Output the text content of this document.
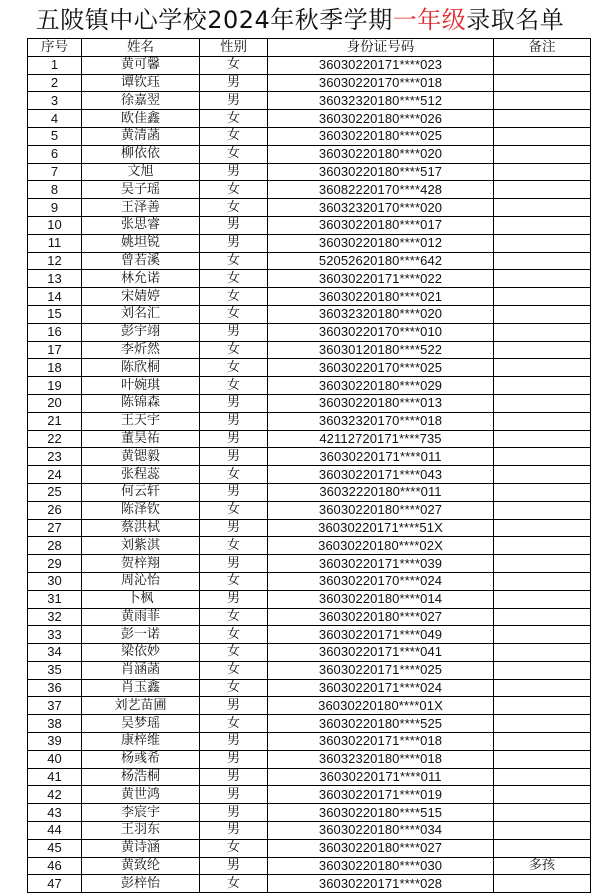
五陂镇中心学校2024年秋季学期一年级录取名单
序号	姓名	性别	身份证号码	备注
1	黄可馨	女	36030220171****023	
2	谭钦珏	男	36030220170****018	
3	徐嘉翌	男	36032320180****512	
4	欧佳鑫	女	36030220180****026	
5	黄清菡	女	36030220180****025	
6	柳依依	女	36030220180****020	
7	文旭	男	36030220180****517	
8	吴子瑶	女	36082220170****428	
9	王泽善	女	36032320170****020	
10	张思睿	男	36030220180****017	
11	姚坦锐	男	36030220180****012	
12	曾若溪	女	52052620180****642	
13	林允诺	女	36030220171****022	
14	宋婧婷	女	36030220180****021	
15	刘名汇	女	36032320180****020	
16	彭宇翊	男	36030220170****010	
17	李炘然	女	36030120180****522	
18	陈欣桐	女	36030220170****025	
19	叶婉琪	女	36030220180****029	
20	陈锦森	男	36030220180****013	
21	王天宇	男	36032320170****018	
22	董昊祐	男	42112720171****735	
23	黄锶毅	男	36030220171****011	
24	张程蕊	女	36030220171****043	
25	何云轩	男	36032220180****011	
26	陈泽钦	女	36030220180****027	
27	蔡洪栻	男	36030220171****51X	
28	刘紫淇	女	36030220180****02X	
29	贺梓翔	男	36030220171****039	
30	周沁怡	女	36030220170****024	
31	卜枫	男	36030220180****014	
32	黄雨菲	女	36030220180****027	
33	彭一诺	女	36030220171****049	
34	梁依妙	女	36030220171****041	
35	肖涵菡	女	36030220171****025	
36	肖玉鑫	女	36030220171****024	
37	刘艺苗圃	男	36030220180****01X	
38	吴梦瑶	女	36030220180****525	
39	康梓维	男	36030220171****018	
40	杨彧希	男	36032320180****018	
41	杨浩桐	男	36030220171****011	
42	黄世鸿	男	36030220171****019	
43	李宸宇	男	36030220180****515	
44	王羽东	男	36030220180****034	
45	黄诗涵	女	36030220180****027	
46	黄致纶	男	36030220180****030	多孩
47	彭梓怡	女	36030220171****028	
